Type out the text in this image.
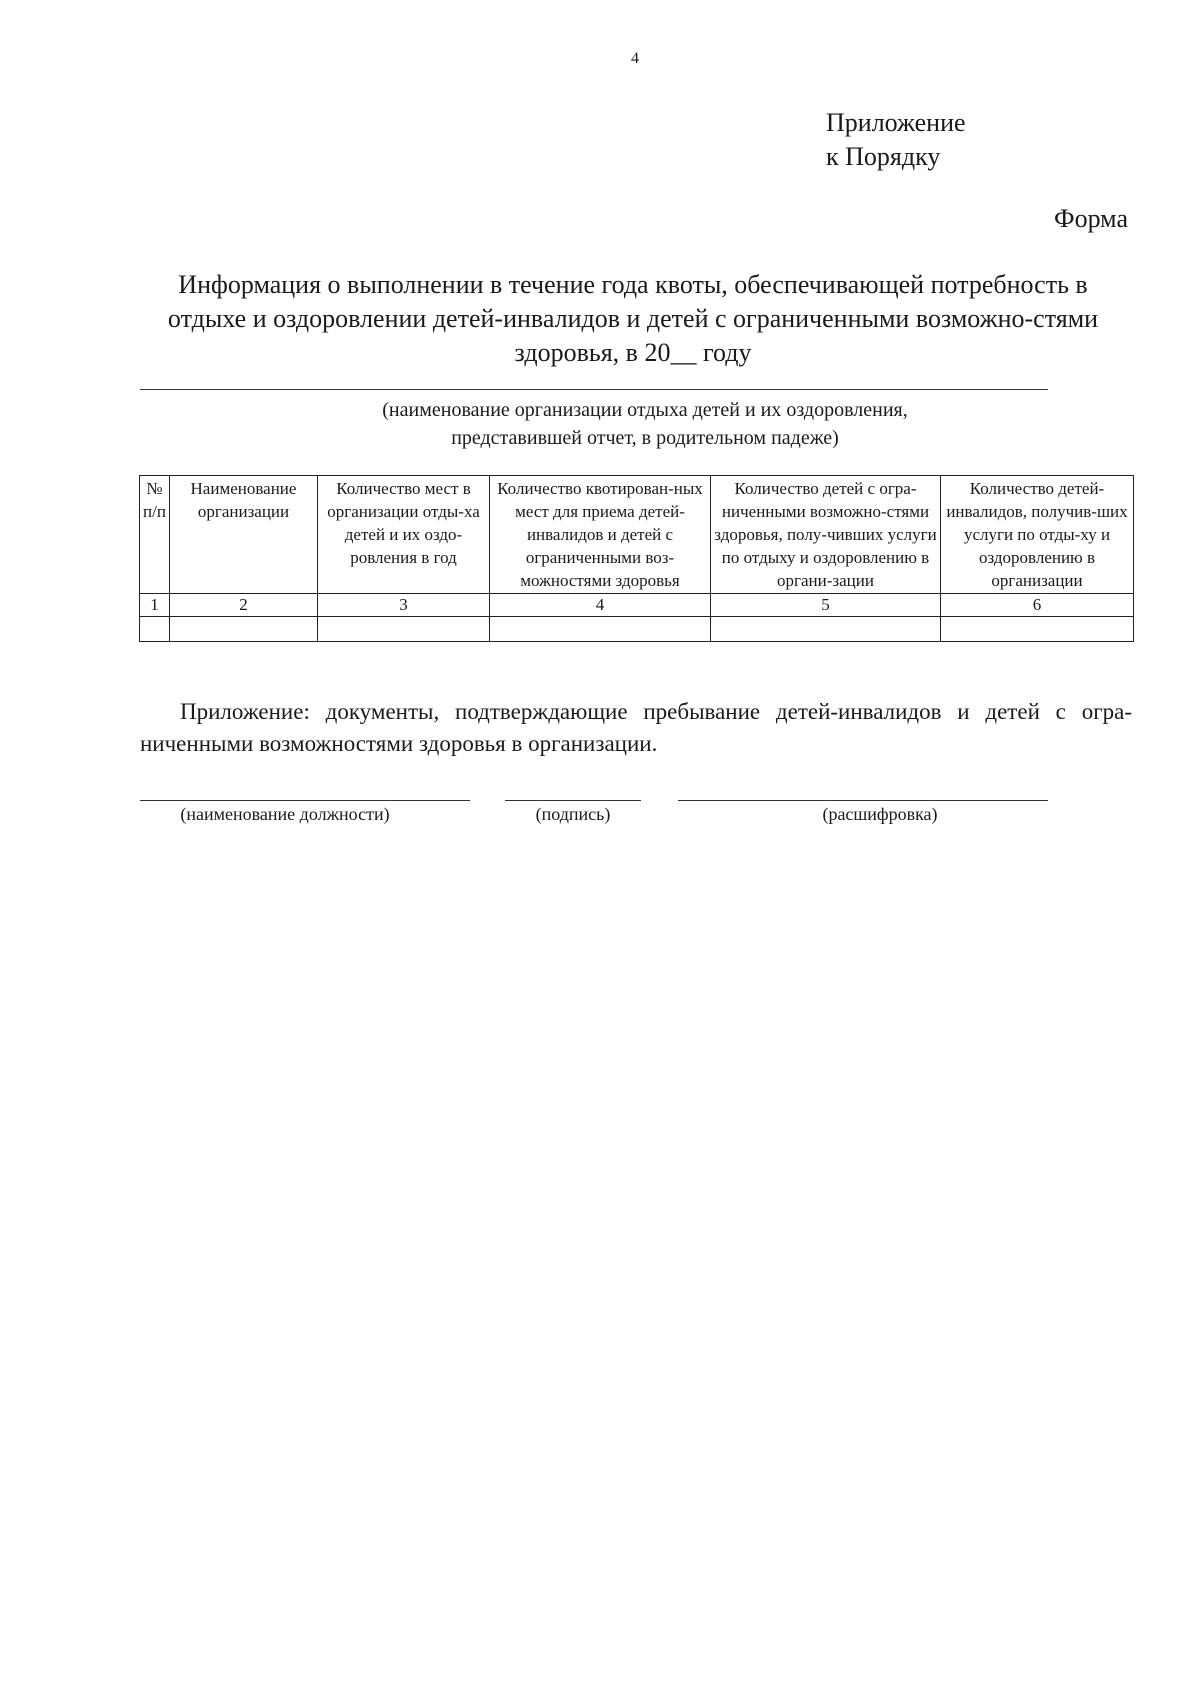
4
Приложение
к Порядку
Форма
Информация о выполнении в течение года квоты, обеспечивающей потребность в отдыхе и оздоровлении детей-инвалидов и детей с ограниченными возможно-стями здоровья, в 20__ году
(наименование организации отдыха детей и их оздоровления,
представившей отчет, в родительном падеже)
№ п/п	Наименование организации	Количество мест в организации отды-ха детей и их оздо-ровления в год	Количество квотирован-ных мест для приема детей-инвалидов и детей с ограниченными воз-можностями здоровья	Количество детей с огра-ниченными возможно-стями здоровья, полу-чивших услуги по отдыху и оздоровлению в органи-зации	Количество детей-инвалидов, получив-ших услуги по отды-ху и оздоровлению в организации
1	2	3	4	5	6

Приложение: документы, подтверждающие пребывание детей-инвалидов и детей с огра-ниченными возможностями здоровья в организации.
(наименование должности)	(подпись)	(расшифровка)
